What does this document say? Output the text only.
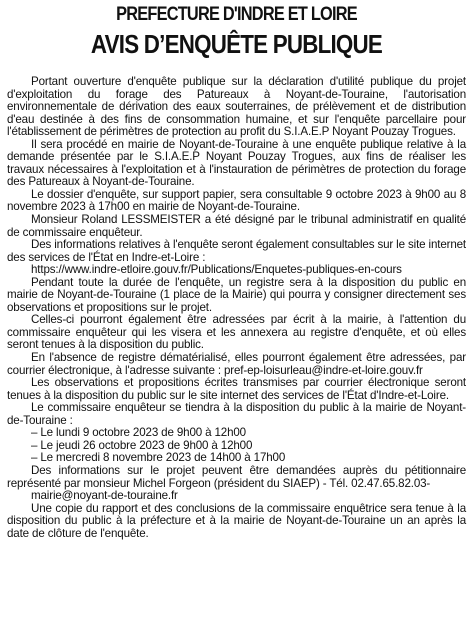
PREFECTURE D'INDRE ET LOIRE
AVIS D’ENQUÊTE PUBLIQUE

Portant ouverture d'enquête publique sur la déclaration d'utilité publique du projet d'exploitation du forage des Patureaux à Noyant-de-Touraine, l'autorisation environnementale de dérivation des eaux souterraines, de prélèvement et de distribution d'eau destinée à des fins de consommation humaine, et sur l'enquête parcellaire pour l'établissement de périmètres de protection au profit du S.I.A.E.P Noyant Pouzay Trogues.

Il sera procédé en mairie de Noyant-de-Touraine à une enquête publique relative à la demande présentée par le S.I.A.E.P Noyant Pouzay Trogues, aux fins de réaliser les travaux nécessaires à l'exploitation et à l'instauration de périmètres de protection du forage des Patureaux à Noyant-de-Touraine.

Le dossier d'enquête, sur support papier, sera consultable 9 octobre 2023 à 9h00 au 8 novembre 2023 à 17h00 en mairie de Noyant-de-Touraine.

Monsieur Roland LESSMEISTER a été désigné par le tribunal administratif en qualité de commissaire enquêteur.

Des informations relatives à l'enquête seront également consultables sur le site internet des services de l'État en Indre-et-Loire :

https://www.indre-etloire.gouv.fr/Publications/Enquetes-publiques-en-cours

Pendant toute la durée de l'enquête, un registre sera à la disposition du public en mairie de Noyant-de-Touraine (1 place de la Mairie) qui pourra y consigner directement ses observations et propositions sur le projet.

Celles-ci pourront également être adressées par écrit à la mairie, à l'attention du commissaire enquêteur qui les visera et les annexera au registre d'enquête, et où elles seront tenues à la disposition du public.

En l'absence de registre dématérialisé, elles pourront également être adressées, par courrier électronique, à l'adresse suivante : pref-ep-loisurleau@indre-et-loire.gouv.fr

Les observations et propositions écrites transmises par courrier électronique seront tenues à la disposition du public sur le site internet des services de l'État d'Indre-et-Loire.

Le commissaire enquêteur se tiendra à la disposition du public à la mairie de Noyant-de-Touraine :

– Le lundi 9 octobre 2023 de 9h00 à 12h00
– Le jeudi 26 octobre 2023 de 9h00 à 12h00
– Le mercredi 8 novembre 2023 de 14h00 à 17h00

Des informations sur le projet peuvent être demandées auprès du pétitionnaire représenté par monsieur Michel Forgeon (président du SIAEP) - Tél. 02.47.65.82.03-

mairie@noyant-de-touraine.fr

Une copie du rapport et des conclusions de la commissaire enquêtrice sera tenue à la disposition du public à la préfecture et à la mairie de Noyant-de-Touraine un an après la date de clôture de l'enquête.
